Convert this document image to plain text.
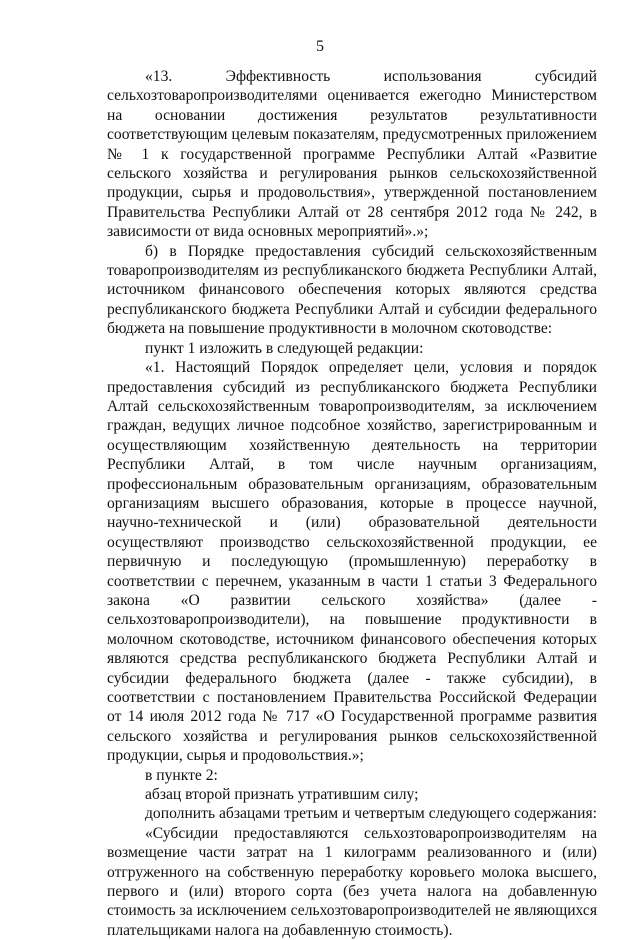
5

«13. Эффективность использования субсидий сельхозтоваропроизводителями оценивается ежегодно Министерством на основании достижения результатов результативности соответствующим целевым показателям, предусмотренных приложением № 1 к государственной программе Республики Алтай «Развитие сельского хозяйства и регулирования рынков сельскохозяйственной продукции, сырья и продовольствия», утвержденной постановлением Правительства Республики Алтай от 28 сентября 2012 года № 242, в зависимости от вида основных мероприятий».»;

б) в Порядке предоставления субсидий сельскохозяйственным товаропроизводителям из республиканского бюджета Республики Алтай, источником финансового обеспечения которых являются средства республиканского бюджета Республики Алтай и субсидии федерального бюджета на повышение продуктивности в молочном скотоводстве:

пункт 1 изложить в следующей редакции:

«1. Настоящий Порядок определяет цели, условия и порядок предоставления субсидий из республиканского бюджета Республики Алтай сельскохозяйственным товаропроизводителям, за исключением граждан, ведущих личное подсобное хозяйство, зарегистрированным и осуществляющим хозяйственную деятельность на территории Республики Алтай, в том числе научным организациям, профессиональным образовательным организациям, образовательным организациям высшего образования, которые в процессе научной, научно-технической и (или) образовательной деятельности осуществляют производство сельскохозяйственной продукции, ее первичную и последующую (промышленную) переработку в соответствии с перечнем, указанным в части 1 статьи 3 Федерального закона «О развитии сельского хозяйства» (далее - сельхозтоваропроизводители), на повышение продуктивности в молочном скотоводстве, источником финансового обеспечения которых являются средства республиканского бюджета Республики Алтай и субсидии федерального бюджета (далее - также субсидии), в соответствии с постановлением Правительства Российской Федерации от 14 июля 2012 года № 717 «О Государственной программе развития сельского хозяйства и регулирования рынков сельскохозяйственной продукции, сырья и продовольствия.»;

в пункте 2:

абзац второй признать утратившим силу;

дополнить абзацами третьим и четвертым следующего содержания:

«Субсидии предоставляются сельхозтоваропроизводителям на возмещение части затрат на 1 килограмм реализованного и (или) отгруженного на собственную переработку коровьего молока высшего, первого и (или) второго сорта (без учета налога на добавленную стоимость за исключением сельхозтоваропроизводителей не являющихся плательщиками налога на добавленную стоимость).
